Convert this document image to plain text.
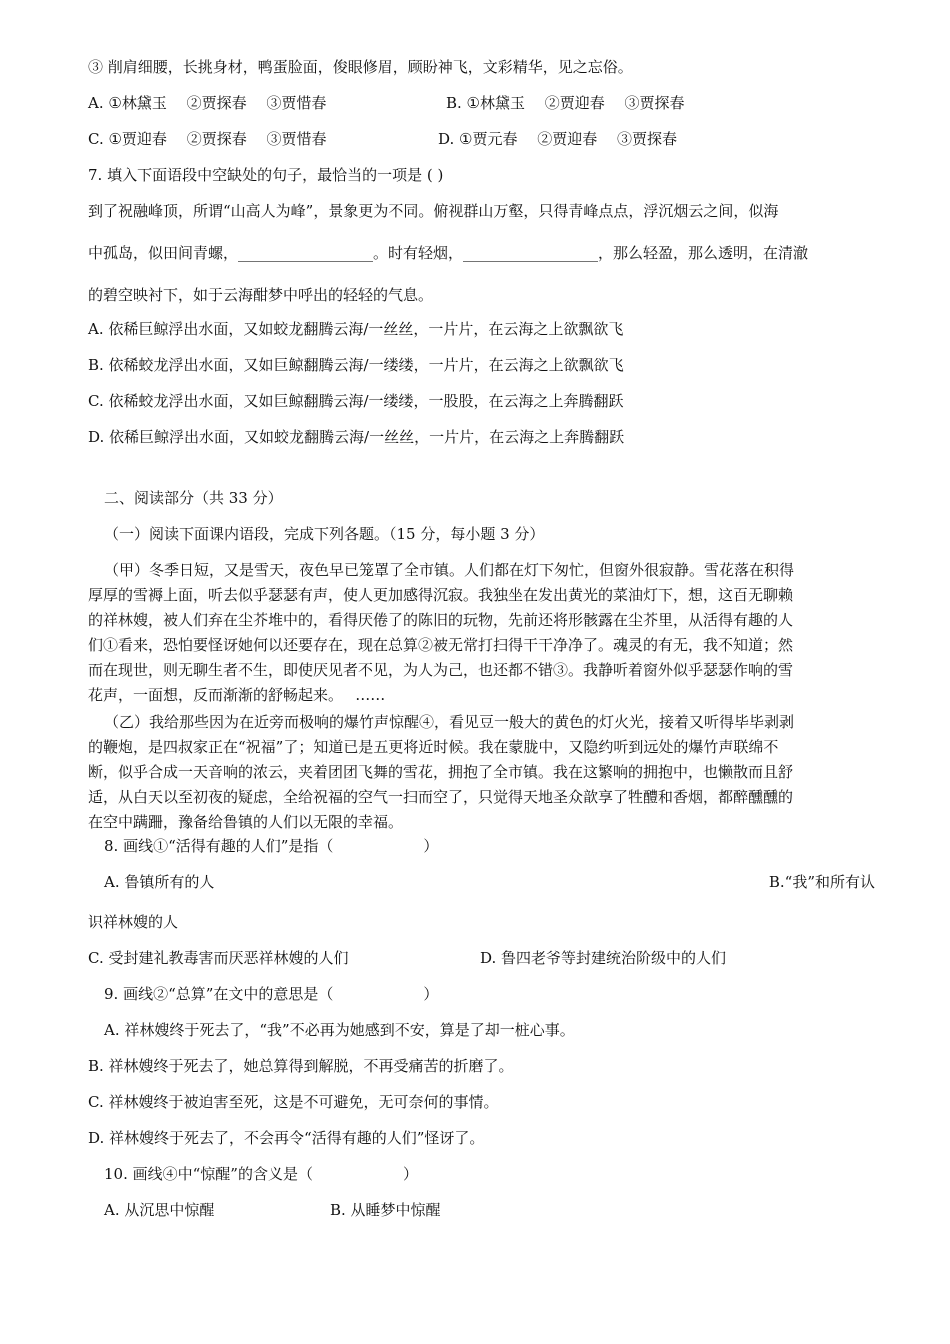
③ 削肩细腰，长挑身材，鸭蛋脸面，俊眼修眉，顾盼神飞，文彩精华，见之忘俗。
A. ①林黛玉　 ②贾探春　 ③贾惜春	B. ①林黛玉　 ②贾迎春　 ③贾探春
C. ①贾迎春　 ②贾探春　 ③贾惜春	D. ①贾元春　 ②贾迎春　 ③贾探春
7. 填入下面语段中空缺处的句子，最恰当的一项是 ( )
到了祝融峰顶，所谓“山高人为峰”，景象更为不同。俯视群山万壑，只得青峰点点，浮沉烟云之间，似海
中孤岛，似田间青螺，__________________。时有轻烟，__________________，那么轻盈，那么透明，在清澈
的碧空映衬下，如于云海酣梦中呼出的轻轻的气息。
A. 依稀巨鲸浮出水面，又如蛟龙翻腾云海/一丝丝，一片片，在云海之上欲飘欲飞
B. 依稀蛟龙浮出水面，又如巨鲸翻腾云海/一缕缕，一片片，在云海之上欲飘欲飞
C. 依稀蛟龙浮出水面，又如巨鲸翻腾云海/一缕缕，一股股，在云海之上奔腾翻跃
D. 依稀巨鲸浮出水面，又如蛟龙翻腾云海/一丝丝，一片片，在云海之上奔腾翻跃
二、阅读部分（共 33 分）
（一）阅读下面课内语段，完成下列各题。（15 分，每小题 3 分）
（甲）冬季日短，又是雪天，夜色早已笼罩了全市镇。人们都在灯下匆忙，但窗外很寂静。雪花落在积得
厚厚的雪褥上面，听去似乎瑟瑟有声，使人更加感得沉寂。我独坐在发出黄光的菜油灯下，想，这百无聊赖
的祥林嫂，被人们弃在尘芥堆中的，看得厌倦了的陈旧的玩物，先前还将形骸露在尘芥里，从活得有趣的人
们①看来，恐怕要怪讶她何以还要存在，现在总算②被无常打扫得干干净净了。魂灵的有无，我不知道；然
而在现世，则无聊生者不生，即使厌见者不见，为人为己，也还都不错③。我静听着窗外似乎瑟瑟作响的雪
花声，一面想，反而渐渐的舒畅起来。　 ……
（乙）我给那些因为在近旁而极响的爆竹声惊醒④，看见豆一般大的黄色的灯火光，接着又听得毕毕剥剥
的鞭炮，是四叔家正在“祝福”了；知道已是五更将近时候。我在蒙胧中，又隐约听到远处的爆竹声联绵不
断，似乎合成一天音响的浓云，夹着团团飞舞的雪花，拥抱了全市镇。我在这繁响的拥抱中，也懒散而且舒
适，从白天以至初夜的疑虑，全给祝福的空气一扫而空了，只觉得天地圣众歆享了牲醴和香烟，都醉醺醺的
在空中蹒跚，豫备给鲁镇的人们以无限的幸福。
8. 画线①“活得有趣的人们”是指（　　　　　　）
A. 鲁镇所有的人	B.“我”和所有认
识祥林嫂的人
C. 受封建礼教毒害而厌恶祥林嫂的人们	D. 鲁四老爷等封建统治阶级中的人们
9. 画线②“总算”在文中的意思是（　　　　　　）
A. 祥林嫂终于死去了，“我”不必再为她感到不安，算是了却一桩心事。
B. 祥林嫂终于死去了，她总算得到解脱，不再受痛苦的折磨了。
C. 祥林嫂终于被迫害至死，这是不可避免，无可奈何的事情。
D. 祥林嫂终于死去了，不会再令“活得有趣的人们”怪讶了。
10. 画线④中“惊醒”的含义是（　　　　　　）
A. 从沉思中惊醒	B. 从睡梦中惊醒
